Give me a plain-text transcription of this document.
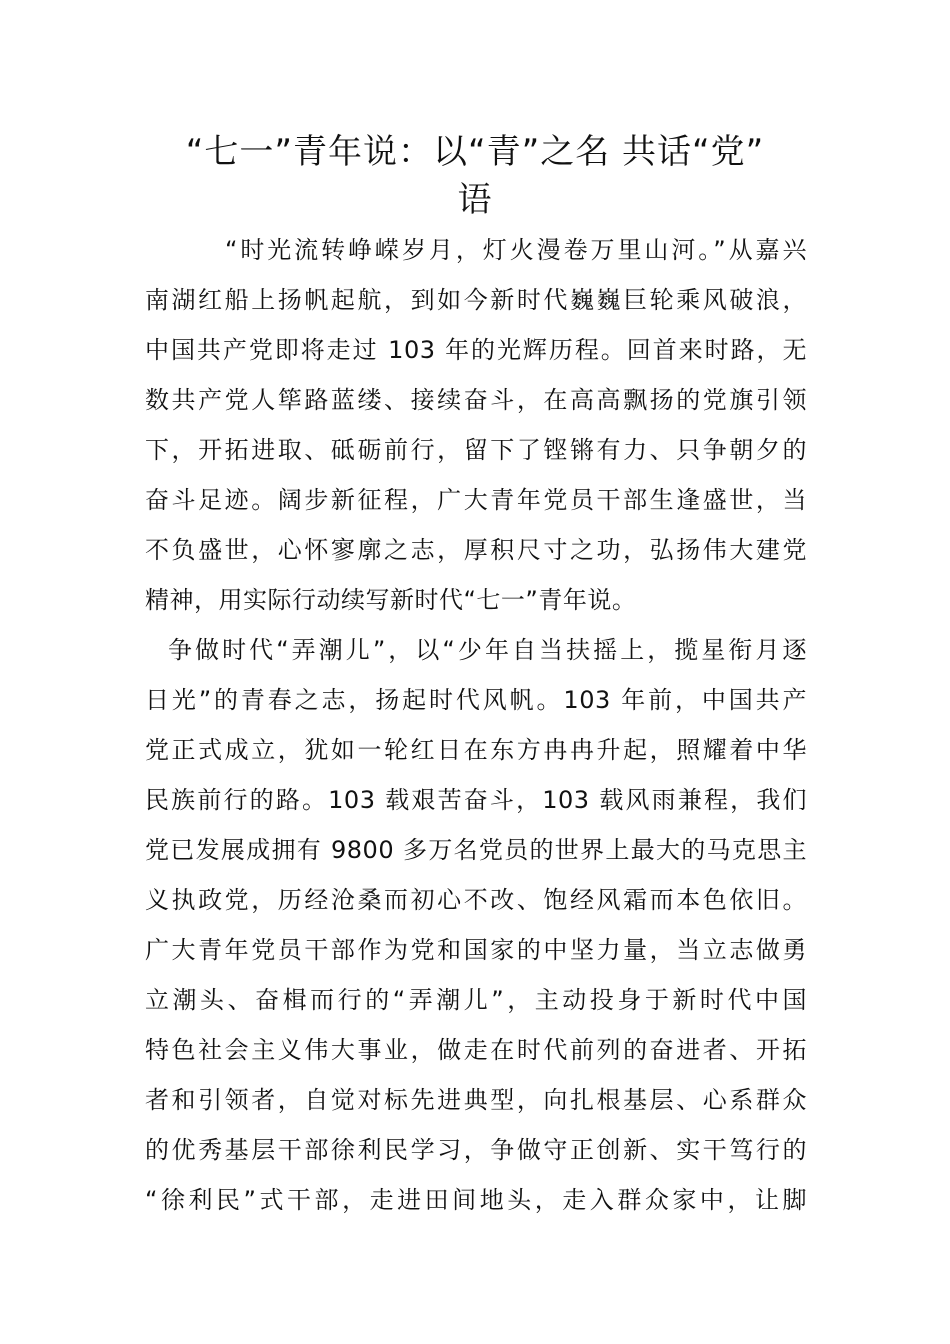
“七一”青年说：以“青”之名 共话“党”
语
“时光流转峥嵘岁月，灯火漫卷万里山河。”从嘉兴
南湖红船上扬帆起航，到如今新时代巍巍巨轮乘风破浪，
中国共产党即将走过 103 年的光辉历程。回首来时路，无
数共产党人筚路蓝缕、接续奋斗，在高高飘扬的党旗引领
下，开拓进取、砥砺前行，留下了铿锵有力、只争朝夕的
奋斗足迹。阔步新征程，广大青年党员干部生逢盛世，当
不负盛世，心怀寥廓之志，厚积尺寸之功，弘扬伟大建党
精神，用实际行动续写新时代“七一”青年说。
争做时代“弄潮儿”，以“少年自当扶摇上，揽星衔月逐
日光”的青春之志，扬起时代风帆。103 年前，中国共产
党正式成立，犹如一轮红日在东方冉冉升起，照耀着中华
民族前行的路。103 载艰苦奋斗，103 载风雨兼程，我们
党已发展成拥有 9800 多万名党员的世界上最大的马克思主
义执政党，历经沧桑而初心不改、饱经风霜而本色依旧。
广大青年党员干部作为党和国家的中坚力量，当立志做勇
立潮头、奋楫而行的“弄潮儿”，主动投身于新时代中国
特色社会主义伟大事业，做走在时代前列的奋进者、开拓
者和引领者，自觉对标先进典型，向扎根基层、心系群众
的优秀基层干部徐利民学习，争做守正创新、实干笃行的
“徐利民”式干部，走进田间地头，走入群众家中，让脚
